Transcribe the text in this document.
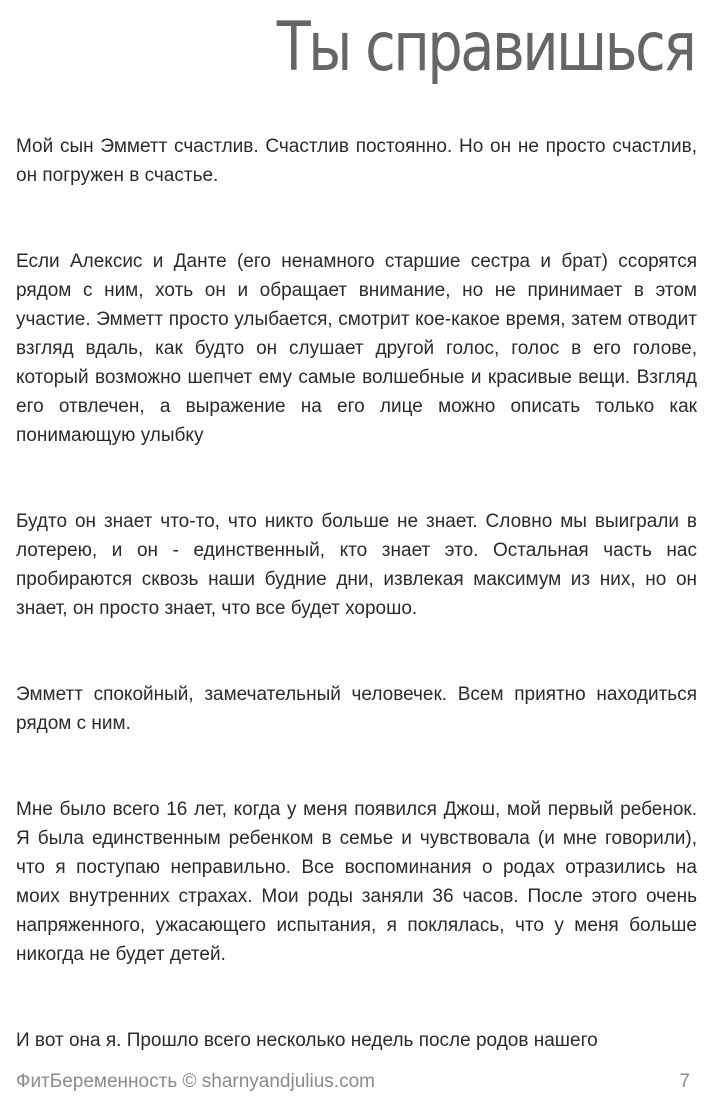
Ты справишься

Мой сын Эмметт счастлив. Счастлив постоянно. Но он не просто счастлив, он погружен в счастье.

Если Алексис и Данте (его ненамного старшие сестра и брат) ссорятся рядом с ним, хоть он и обращает внимание, но не принимает в этом участие. Эмметт просто улыбается, смотрит кое-какое время, затем отводит взгляд вдаль, как будто он слушает другой голос, голос в его голове, который возможно шепчет ему самые волшебные и красивые вещи. Взгляд его отвлечен, а выражение на его лице можно описать только как понимающую улыбку

Будто он знает что-то, что никто больше не знает. Словно мы выиграли в лотерею, и он - единственный, кто знает это. Остальная часть нас пробираются сквозь наши будние дни, извлекая максимум из них, но он знает, он просто знает, что все будет хорошо.

Эмметт спокойный, замечательный человечек. Всем приятно находиться рядом с ним.

Мне было всего 16 лет, когда у меня появился Джош, мой первый ребенок. Я была единственным ребенком в семье и чувствовала (и мне говорили), что я поступаю неправильно. Все воспоминания о родах отразились на моих внутренних страхах. Мои роды заняли 36 часов. После этого очень напряженного, ужасающего испытания, я поклялась, что у меня больше никогда не будет детей.

И вот она я. Прошло всего несколько недель после родов нашего

ФитБеременность © sharnyandjulius.com	7
